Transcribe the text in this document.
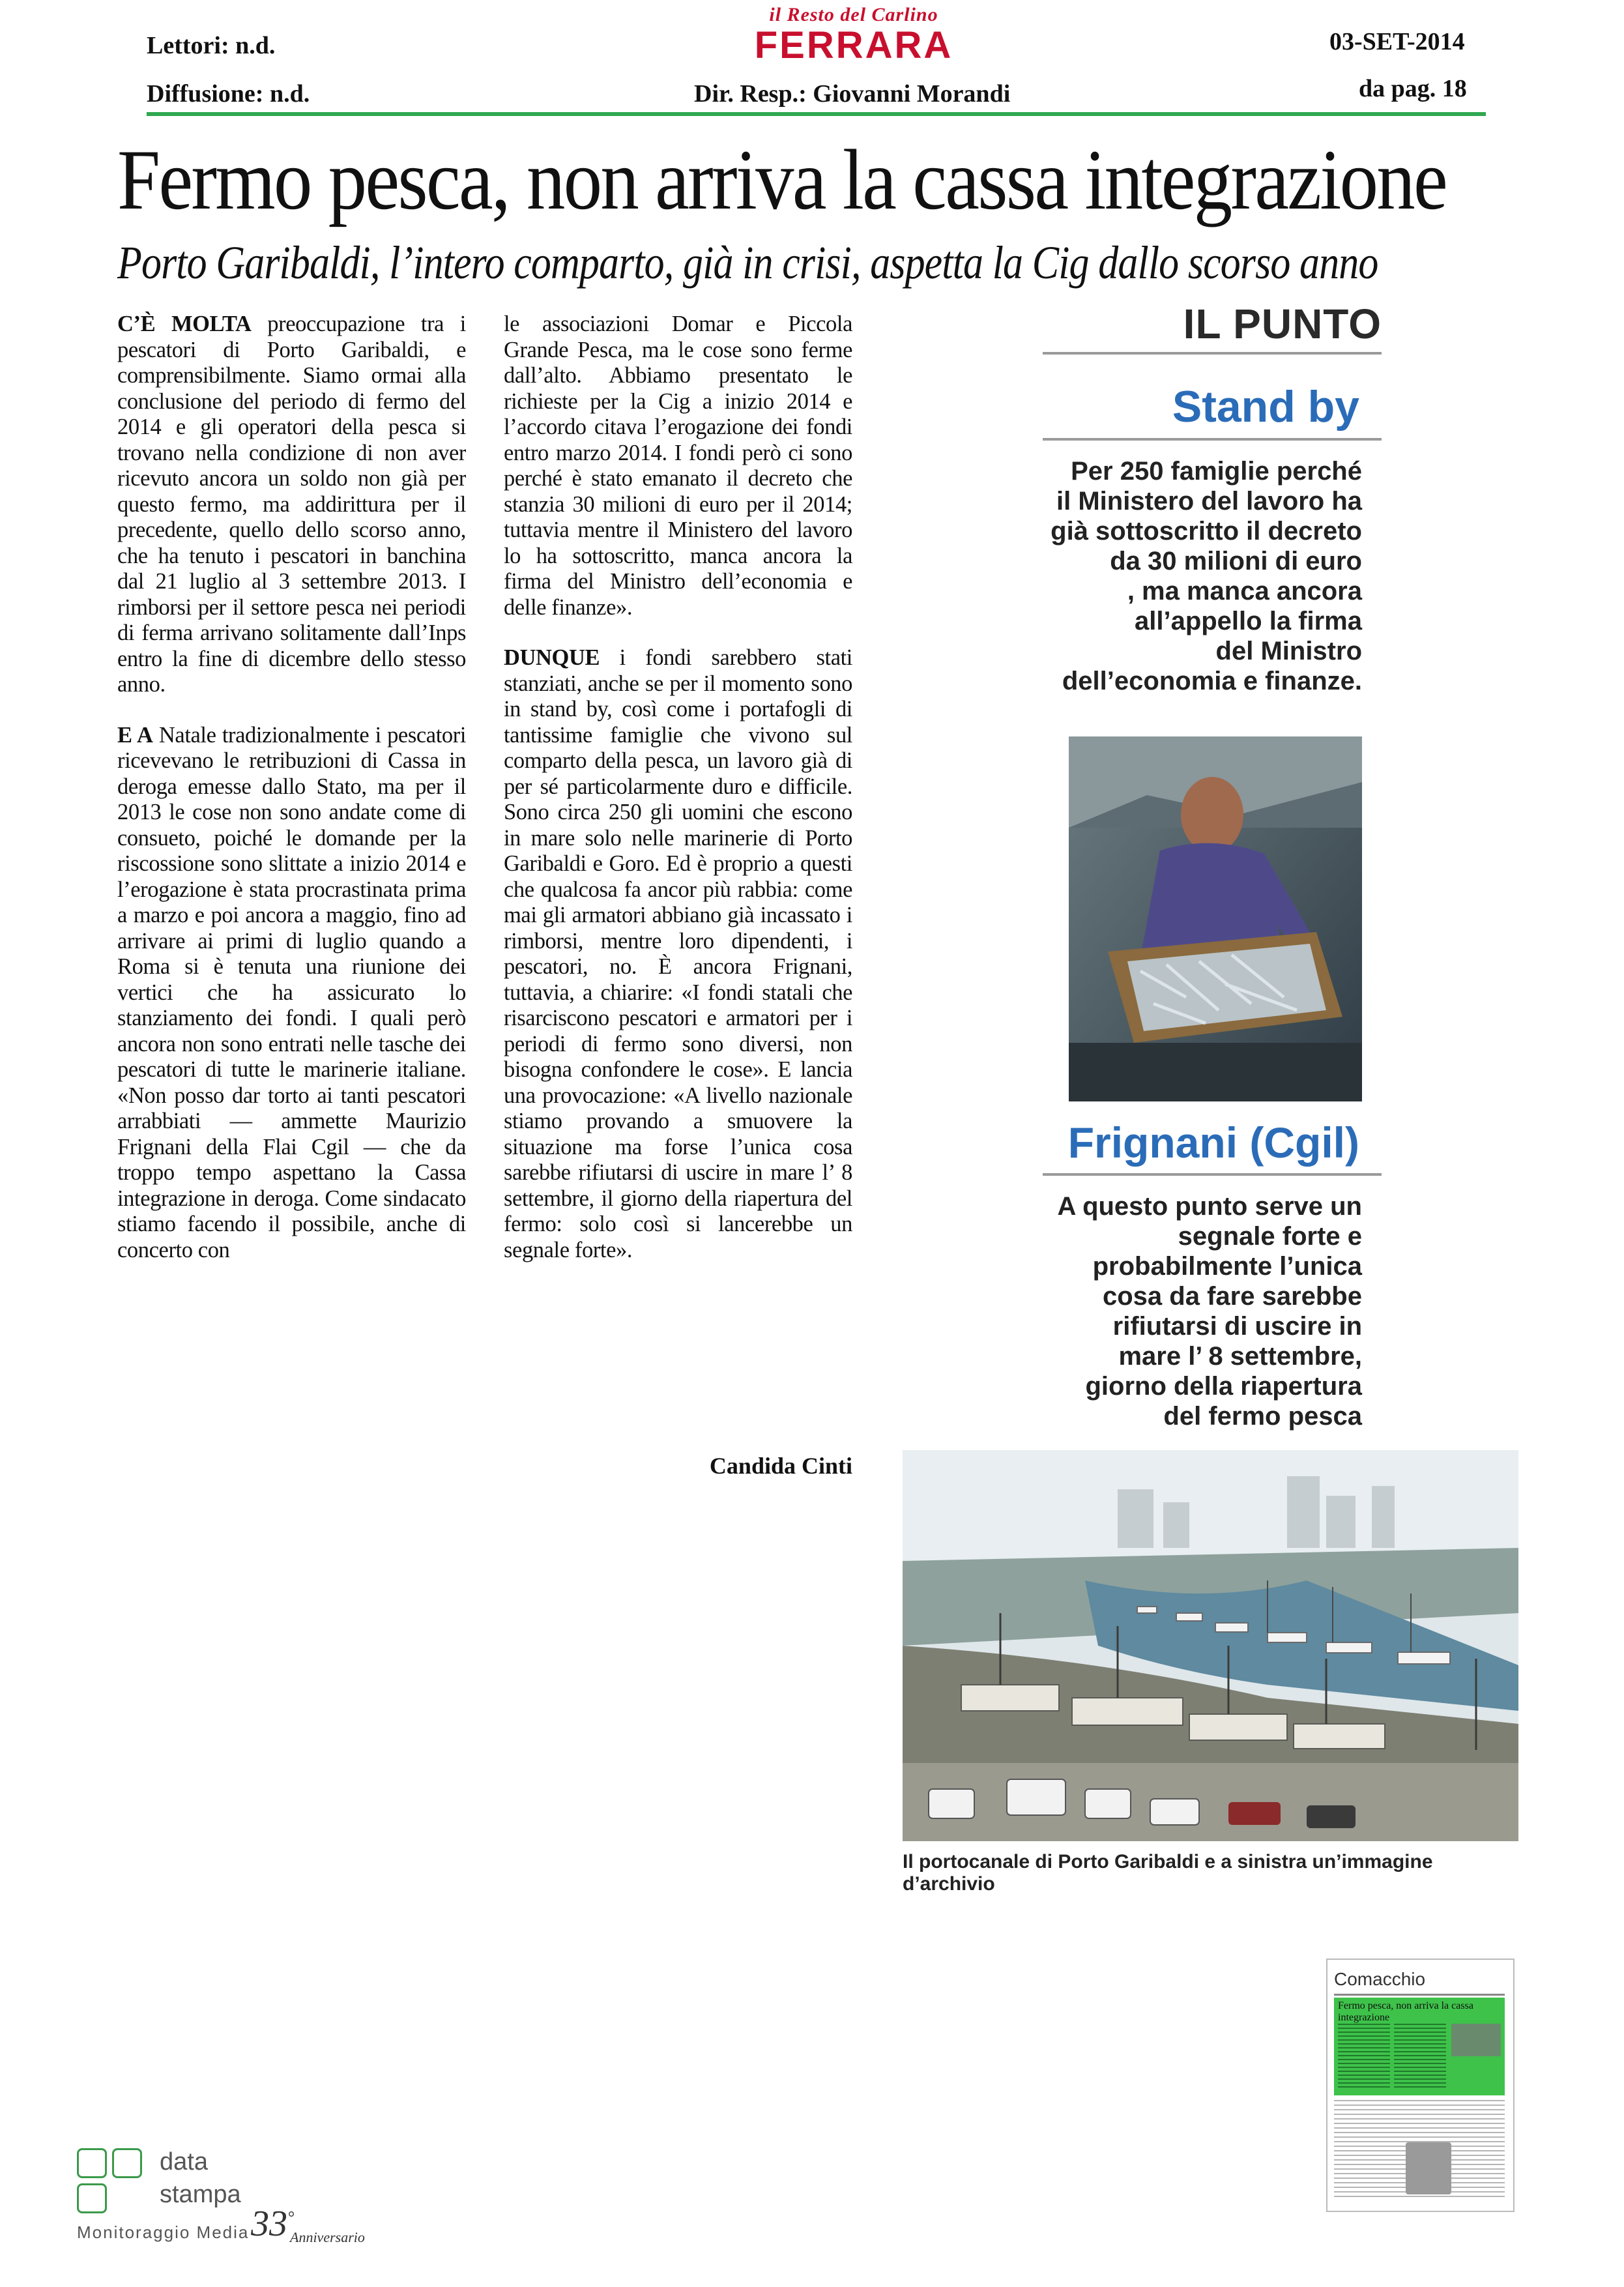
Lettori: n.d.
Diffusione: n.d.
il Resto del Carlino
FERRARA
Dir. Resp.: Giovanni Morandi
03-SET-2014
da pag. 18
Fermo pesca, non arriva la cassa integrazione
Porto Garibaldi, l’intero comparto, già in crisi, aspetta la Cig dallo scorso anno

C’È MOLTA preoccupazione tra i pescatori di Porto Garibaldi, e comprensibilmente. Siamo ormai alla conclusione del periodo di fermo del 2014 e gli operatori della pesca si trovano nella condizione di non aver ricevuto ancora un soldo non già per questo fermo, ma addirittura per il precedente, quello dello scorso anno, che ha tenuto i pescatori in banchina dal 21 luglio al 3 settembre 2013. I rimborsi per il settore pesca nei periodi di ferma arrivano solitamente dall’Inps entro la fine di dicembre dello stesso anno.

E A Natale tradizionalmente i pescatori ricevevano le retribuzioni di Cassa in deroga emesse dallo Stato, ma per il 2013 le cose non sono andate come di consueto, poiché le domande per la riscossione sono slittate a inizio 2014 e l’erogazione è stata procrastinata prima a marzo e poi ancora a maggio, fino ad arrivare ai primi di luglio quando a Roma si è tenuta una riunione dei vertici che ha assicurato lo stanziamento dei fondi. I quali però ancora non sono entrati nelle tasche dei pescatori di tutte le marinerie italiane. «Non posso dar torto ai tanti pescatori arrabbiati — ammette Maurizio Frignani della Flai Cgil — che da troppo tempo aspettano la Cassa integrazione in deroga. Come sindacato stiamo facendo il possibile, anche di concerto con

le associazioni Domar e Piccola Grande Pesca, ma le cose sono ferme dall’alto. Abbiamo presentato le richieste per la Cig a inizio 2014 e l’accordo citava l’erogazione dei fondi entro marzo 2014. I fondi però ci sono perché è stato emanato il decreto che stanzia 30 milioni di euro per il 2014; tuttavia mentre il Ministero del lavoro lo ha sottoscritto, manca ancora la firma del Ministro dell’economia e delle finanze».

DUNQUE i fondi sarebbero stati stanziati, anche se per il momento sono in stand by, così come i portafogli di tantissime famiglie che vivono sul comparto della pesca, un lavoro già di per sé particolarmente duro e difficile. Sono circa 250 gli uomini che escono in mare solo nelle marinerie di Porto Garibaldi e Goro. Ed è proprio a questi che qualcosa fa ancor più rabbia: come mai gli armatori abbiano già incassato i rimborsi, mentre loro dipendenti, i pescatori, no. È ancora Frignani, tuttavia, a chiarire: «I fondi statali che risarciscono pescatori e armatori per i periodi di fermo sono diversi, non bisogna confondere le cose». E lancia una provocazione: «A livello nazionale stiamo provando a smuovere la situazione ma forse l’unica cosa sarebbe rifiutarsi di uscire in mare l’ 8 settembre, il giorno della riapertura del fermo: solo così si lancerebbe un segnale forte».

Candida Cinti
IL PUNTO
Stand by
Per 250 famiglie perché
il Ministero del lavoro ha
già sottoscritto il decreto
da 30 milioni di euro
, ma manca ancora
all’appello la firma
del Ministro
dell’economia e finanze.
Frignani (Cgil)
A questo punto serve un
segnale forte e
probabilmente l’unica
cosa da fare sarebbe
rifiutarsi di uscire in
mare l’ 8 settembre,
giorno della riapertura
del fermo pesca
Il portocanale di Porto Garibaldi e a sinistra un’immagine d’archivio
Comacchio
Fermo pesca, non arriva la cassa integrazione
data
stampa
Monitoraggio Media 33°
Anniversario
